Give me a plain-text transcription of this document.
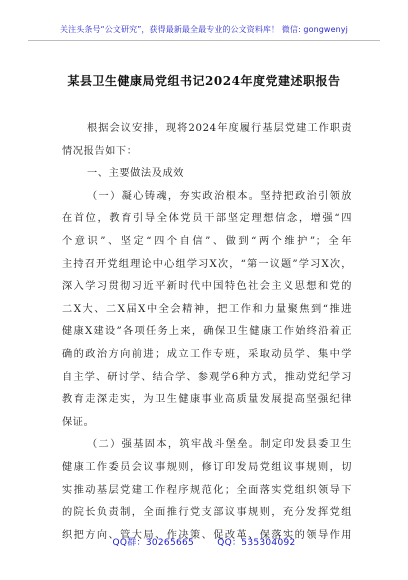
关注头条号“公文研究”，获得最新最全最专业的公文资料库！ 微信: gongwenyj
某县卫生健康局党组书记2024年度党建述职报告
根据会议安排，现将2024年度履行基层党建工作职责
情况报告如下：
一、主要做法及成效
（一）凝心铸魂，夯实政治根本。坚持把政治引领放
在首位，教育引导全体党员干部坚定理想信念，增强“四
个意识”、坚定“四个自信”、做到“两个维护”；全年
主持召开党组理论中心组学习X次，“第一议题”学习X次，
深入学习贯彻习近平新时代中国特色社会主义思想和党的
二X大、二X届X中全会精神，把工作和力量聚焦到“推进
健康X建设”各项任务上来，确保卫生健康工作始终沿着正
确的政治方向前进；成立工作专班，采取动员学、集中学
自主学、研讨学、结合学、参观学6种方式，推动党纪学习
教育走深走实，为卫生健康事业高质量发展提高坚强纪律
保证。
（二）强基固本，筑牢战斗堡垒。制定印发县委卫生
健康工作委员会议事规则，修订印发局党组议事规则，切
实推动基层党建工作程序规范化；全面落实党组织领导下
的院长负责制，全面推行党支部议事规则，充分发挥党组
织把方向、管大局、作决策、促改革、保落实的领导作用
QQ群：30265665	QQ：535304092
